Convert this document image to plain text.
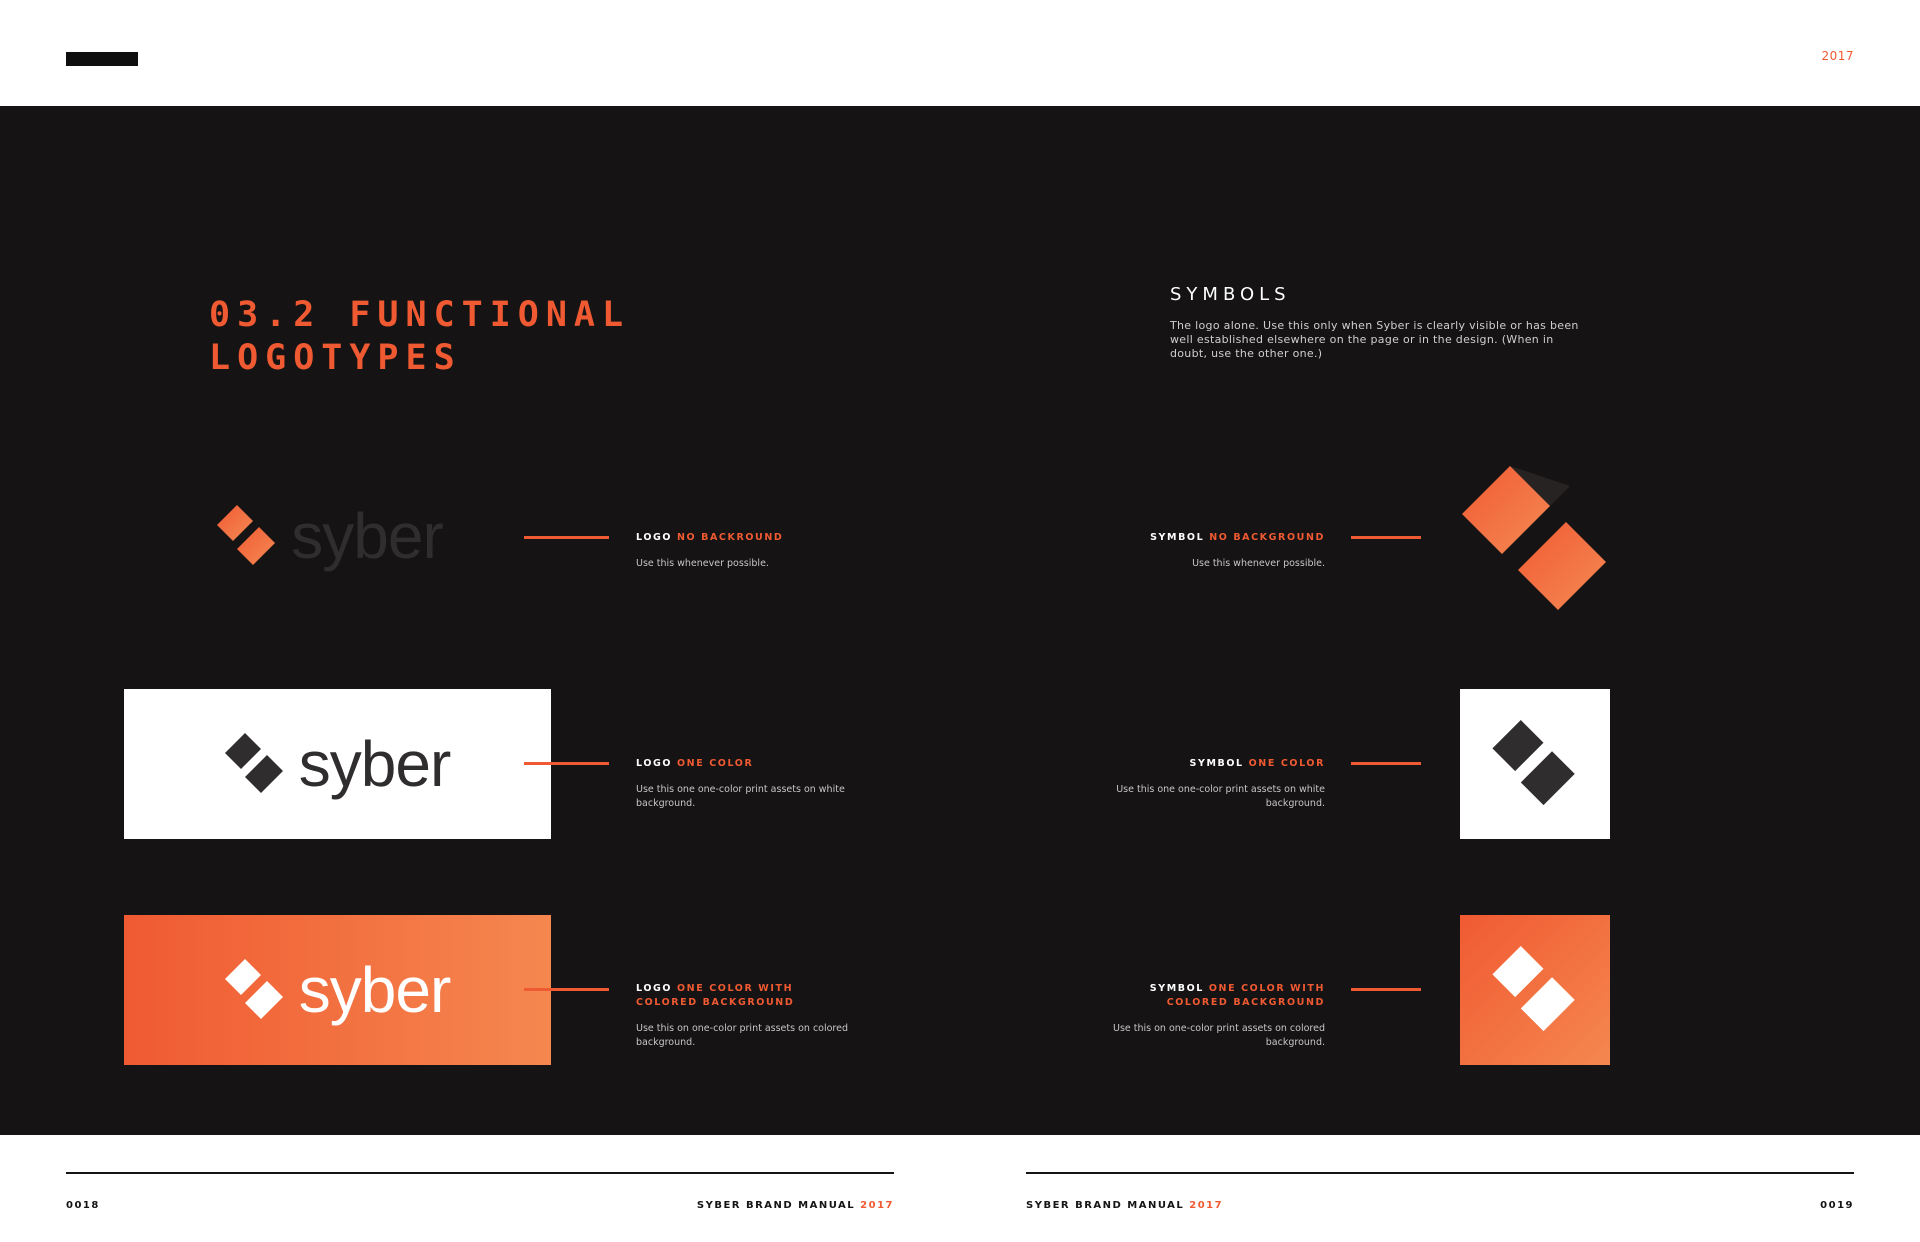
2017
03.2 FUNCTIONAL
LOGOTYPES
SYMBOLS
The logo alone. Use this only when Syber is clearly visible or has been well established elsewhere on the page or in the design. (When in doubt, use the other one.)
syber	LOGO NO BACKROUND
Use this whenever possible.
syber	LOGO ONE COLOR
Use this one one-color print assets on white background.
syber	LOGO ONE COLOR WITH COLORED BACKGROUND
Use this on one-color print assets on colored background.
SYMBOL NO BACKGROUND
Use this whenever possible.
SYMBOL ONE COLOR
Use this one one-color print assets on white background.
SYMBOL ONE COLOR WITH COLORED BACKGROUND
Use this on one-color print assets on colored background.
0018	SYBER BRAND MANUAL 2017	SYBER BRAND MANUAL 2017	0019
